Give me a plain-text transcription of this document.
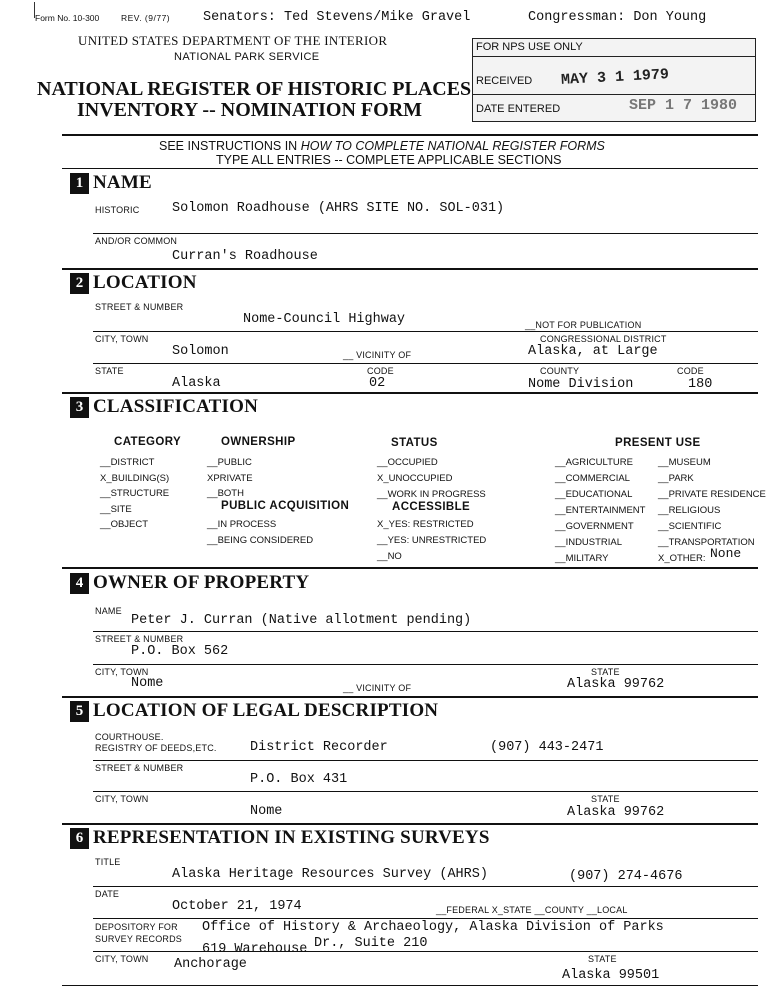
Form No. 10-300	REV. (9/77) Senators: Ted Stevens/Mike Gravel	Congressman: Don Young
UNITED STATES DEPARTMENT OF THE INTERIOR
NATIONAL PARK SERVICE
NATIONAL REGISTER OF HISTORIC PLACES
INVENTORY -- NOMINATION FORM
FOR NPS USE ONLY
RECEIVED MAY 3 1 1979
DATE ENTERED	SEP 1 7 1980
SEE INSTRUCTIONS IN HOW TO COMPLETE NATIONAL REGISTER FORMS
TYPE ALL ENTRIES -- COMPLETE APPLICABLE SECTIONS
1 NAME
HISTORIC Solomon Roadhouse (AHRS SITE NO. SOL-031)
AND/OR COMMON
Curran's Roadhouse
2 LOCATION
STREET & NUMBER
Nome-Council Highway	__NOT FOR PUBLICATION
CITY, TOWN	CONGRESSIONAL DISTRICT
Solomon	__ VICINITY OF	Alaska, at Large
STATE	CODE	COUNTY	CODE
Alaska	02	Nome Division	180
3 CLASSIFICATION
CATEGORY
__DISTRICT
X_BUILDING(S)
__STRUCTURE
__SITE
__OBJECT
OWNERSHIP
__PUBLIC
XPRIVATE
__BOTH
PUBLIC ACQUISITION
__IN PROCESS
__BEING CONSIDERED
STATUS
__OCCUPIED
X_UNOCCUPIED
__WORK IN PROGRESS
ACCESSIBLE
X_YES: RESTRICTED
__YES: UNRESTRICTED
__NO
PRESENT USE
__AGRICULTURE
__COMMERCIAL
__EDUCATIONAL
__ENTERTAINMENT
__GOVERNMENT
__INDUSTRIAL
__MILITARY
__MUSEUM
__PARK
__PRIVATE RESIDENCE
__RELIGIOUS
__SCIENTIFIC
__TRANSPORTATION
X_OTHER: None
4 OWNER OF PROPERTY
NAME
Peter J. Curran (Native allotment pending)
STREET & NUMBER
P.O. Box 562
CITY, TOWN	STATE
Nome	__ VICINITY OF	Alaska 99762
5 LOCATION OF LEGAL DESCRIPTION
COURTHOUSE.
REGISTRY OF DEEDS,ETC. District Recorder	(907) 443-2471
STREET & NUMBER
P.O. Box 431
CITY, TOWN	STATE
Nome	Alaska 99762
6 REPRESENTATION IN EXISTING SURVEYS
TITLE
Alaska Heritage Resources Survey (AHRS)	(907) 274-4676
DATE
October 21, 1974	__FEDERAL X_STATE __COUNTY __LOCAL
DEPOSITORY FOR
SURVEY RECORDS
Office of History & Archaeology, Alaska Division of Parks
619 Warehouse Dr., Suite 210
CITY, TOWN	STATE
Anchorage
Alaska 99501
